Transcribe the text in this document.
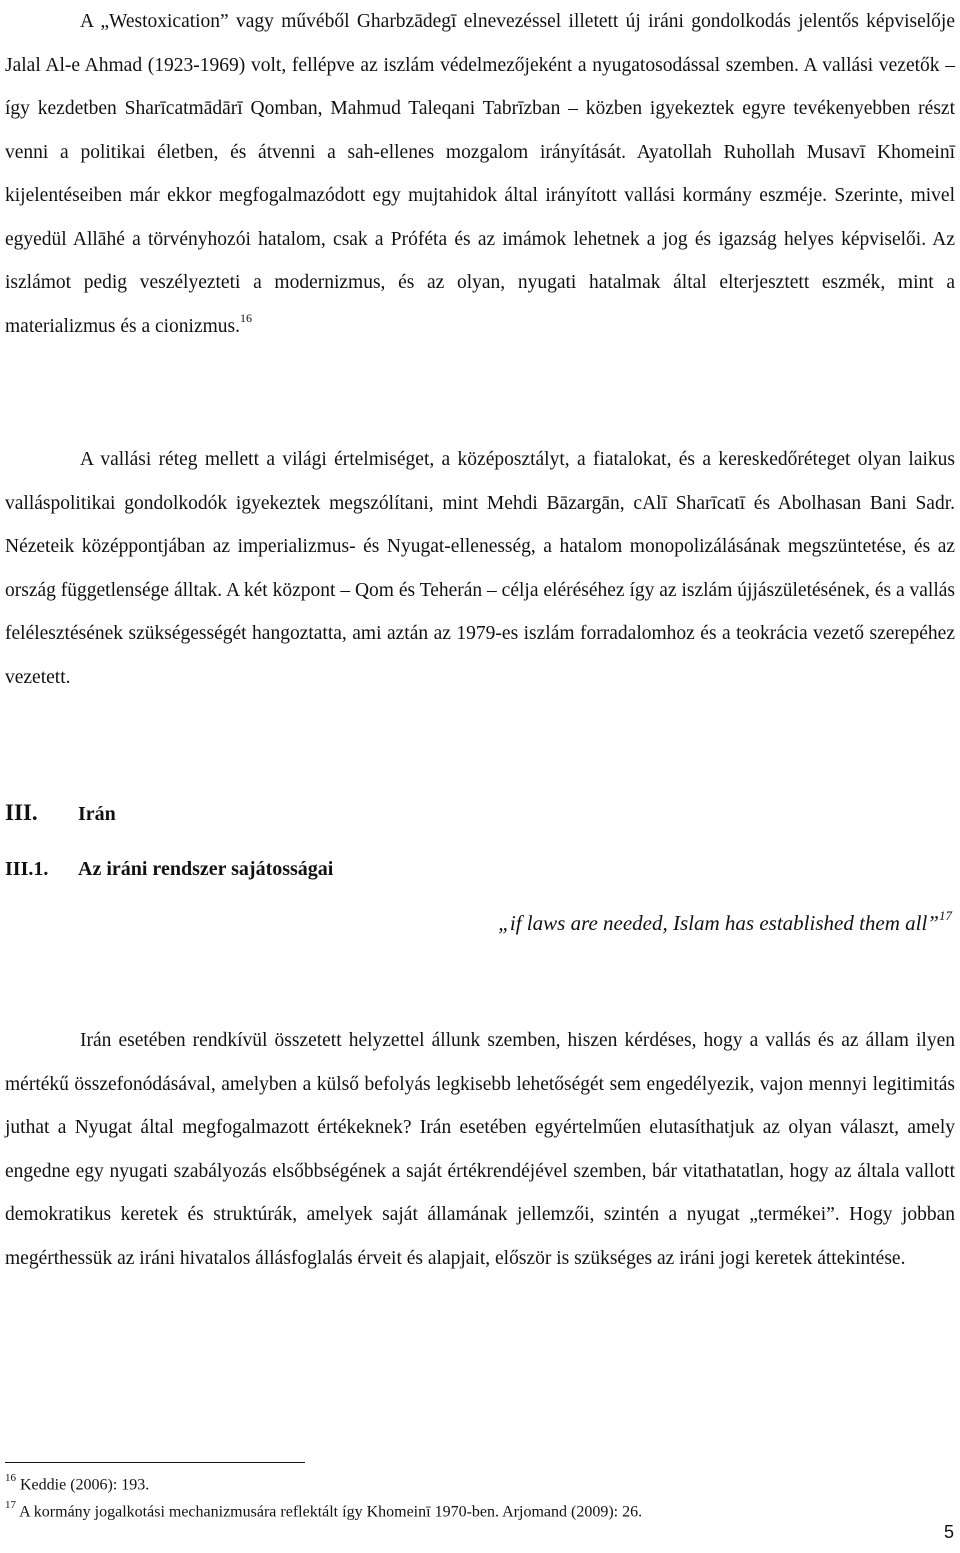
A „Westoxication” vagy művéből Gharbzādegī elnevezéssel illetett új iráni gondolkodás jelentős képviselője Jalal Al-e Ahmad (1923-1969) volt, fellépve az iszlám védelmezőjeként a nyugatosodással szemben. A vallási vezetők – így kezdetben Sharīcatmādārī Qomban, Mahmud Taleqani Tabrīzban – közben igyekeztek egyre tevékenyebben részt venni a politikai életben, és átvenni a sah-ellenes mozgalom irányítását. Ayatollah Ruhollah Musavī Khomeinī kijelentéseiben már ekkor megfogalmazódott egy mujtahidok által irányított vallási kormány eszméje. Szerinte, mivel egyedül Allāhé a törvényhozói hatalom, csak a Próféta és az imámok lehetnek a jog és igazság helyes képviselői. Az iszlámot pedig veszélyezteti a modernizmus, és az olyan, nyugati hatalmak által elterjesztett eszmék, mint a materializmus és a cionizmus.$^{16}$

A vallási réteg mellett a világi értelmiséget, a középosztályt, a fiatalokat, és a kereskedőréteget olyan laikus valláspolitikai gondolkodók igyekeztek megszólítani, mint Mehdi Bāzargān, cAlī Sharīcatī és Abolhasan Bani Sadr. Nézeteik középpontjában az imperializmus- és Nyugat-ellenesség, a hatalom monopolizálásának megszüntetése, és az ország függetlensége álltak. A két központ – Qom és Teherán – célja eléréséhez így az iszlám újjászületésének, és a vallás felélesztésének szükségességét hangoztatta, ami aztán az 1979-es iszlám forradalomhoz és a teokrácia vezető szerepéhez vezetett.

III. Irán
III.1. Az iráni rendszer sajátosságai
„if laws are needed, Islam has established them all”$^{17}$

Irán esetében rendkívül összetett helyzettel állunk szemben, hiszen kérdéses, hogy a vallás és az állam ilyen mértékű összefonódásával, amelyben a külső befolyás legkisebb lehetőségét sem engedélyezik, vajon mennyi legitimitás juthat a Nyugat által megfogalmazott értékeknek? Irán esetében egyértelműen elutasíthatjuk az olyan választ, amely engedne egy nyugati szabályozás elsőbbségének a saját értékrendéjével szemben, bár vitathatatlan, hogy az általa vallott demokratikus keretek és struktúrák, amelyek saját államának jellemzői, szintén a nyugat „termékei”. Hogy jobban megérthessük az iráni hivatalos állásfoglalás érveit és alapjait, először is szükséges az iráni jogi keretek áttekintése.

$^{16}$ Keddie (2006): 193.
$^{17}$ A kormány jogalkotási mechanizmusára reflektált így Khomeinī 1970-ben. Arjomand (2009): 26.
5
